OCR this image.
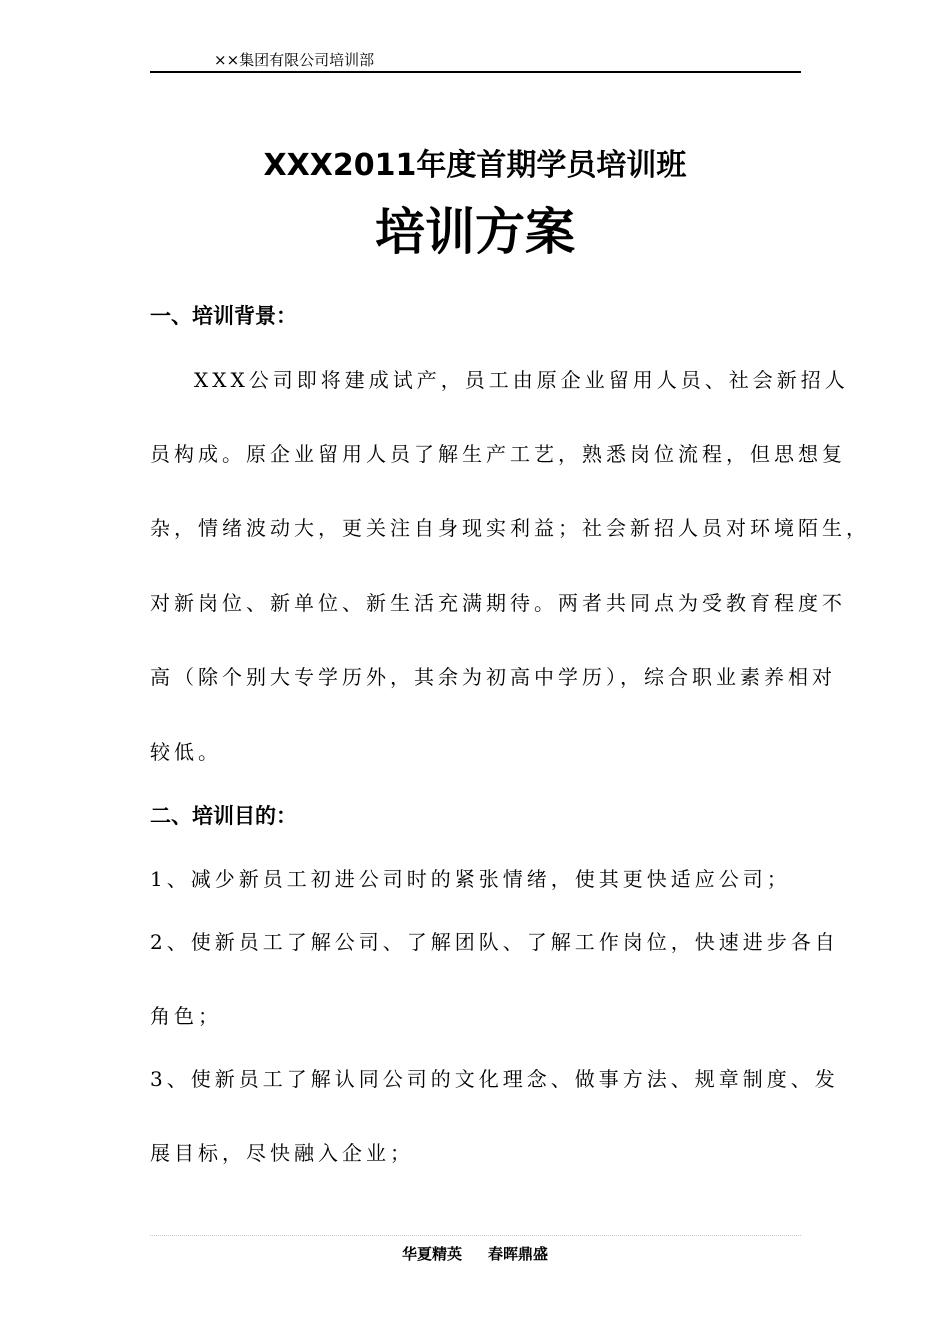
××集团有限公司培训部
XXX2011年度首期学员培训班
培训方案
一、培训背景：
XXX公司即将建成试产，员工由原企业留用人员、社会新招人
员构成。原企业留用人员了解生产工艺，熟悉岗位流程，但思想复
杂，情绪波动大，更关注自身现实利益；社会新招人员对环境陌生，
对新岗位、新单位、新生活充满期待。两者共同点为受教育程度不
高（除个别大专学历外，其余为初高中学历），综合职业素养相对
较低。
二、培训目的：
1、减少新员工初进公司时的紧张情绪，使其更快适应公司；
2、使新员工了解公司、了解团队、了解工作岗位，快速进步各自
角色；
3、使新员工了解认同公司的文化理念、做事方法、规章制度、发
展目标，尽快融入企业；
华夏精英     春晖鼎盛
